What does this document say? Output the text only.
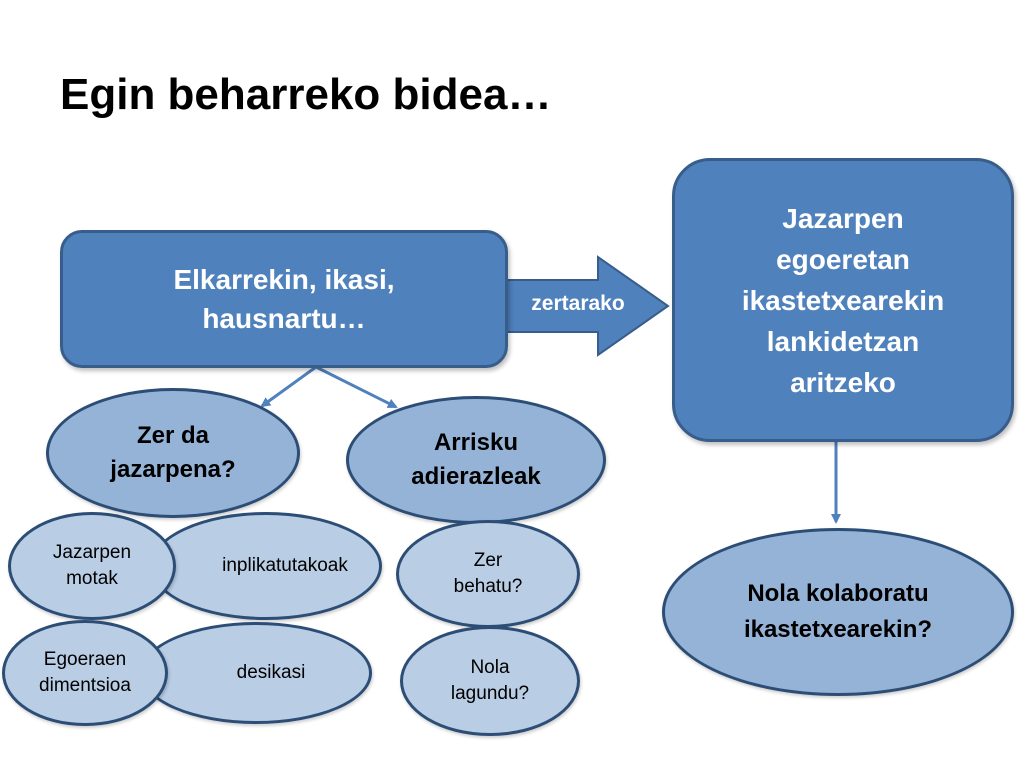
Egin beharreko bidea…
zertarako
Elkarrekin, ikasi,
hausnartu…
Jazarpen
egoeretan
ikastetxearekin
lankidetzan
aritzeko
Zer da
jazarpena?
Arrisku
adierazleak
inplikatutakoak
Jazarpen
motak
desikasi
Egoeraen
dimentsioa
Zer
behatu?
Nola
lagundu?
Nola kolaboratu
ikastetxearekin?
